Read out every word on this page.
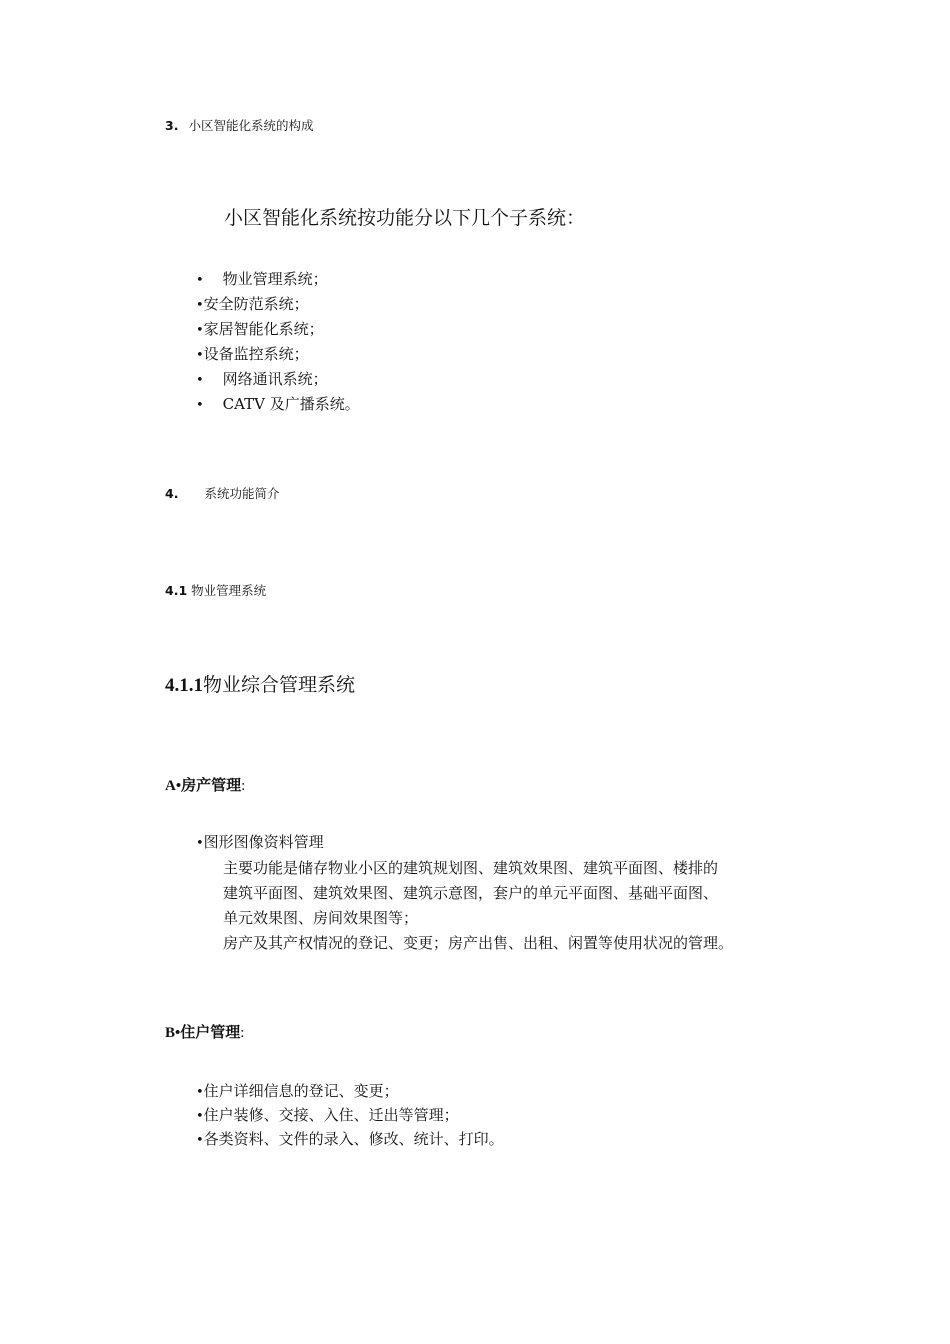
3. 小区智能化系统的构成
小区智能化系统按功能分以下几个子系统：
• 物业管理系统；
•安全防范系统；
•家居智能化系统；
•设备监控系统；
• 网络通讯系统；
• CATV 及广播系统。
4. 系统功能简介
4.1 物业管理系统
4.1.1物业综合管理系统
A•房产管理:
•图形图像资料管理
主要功能是储存物业小区的建筑规划图、建筑效果图、建筑平面图、楼排的
建筑平面图、建筑效果图、建筑示意图，套户的单元平面图、基础平面图、
单元效果图、房间效果图等；
房产及其产权情况的登记、变更；房产出售、出租、闲置等使用状况的管理。
B•住户管理:
•住户详细信息的登记、变更；
•住户装修、交接、入住、迁出等管理；
•各类资料、文件的录入、修改、统计、打印。
